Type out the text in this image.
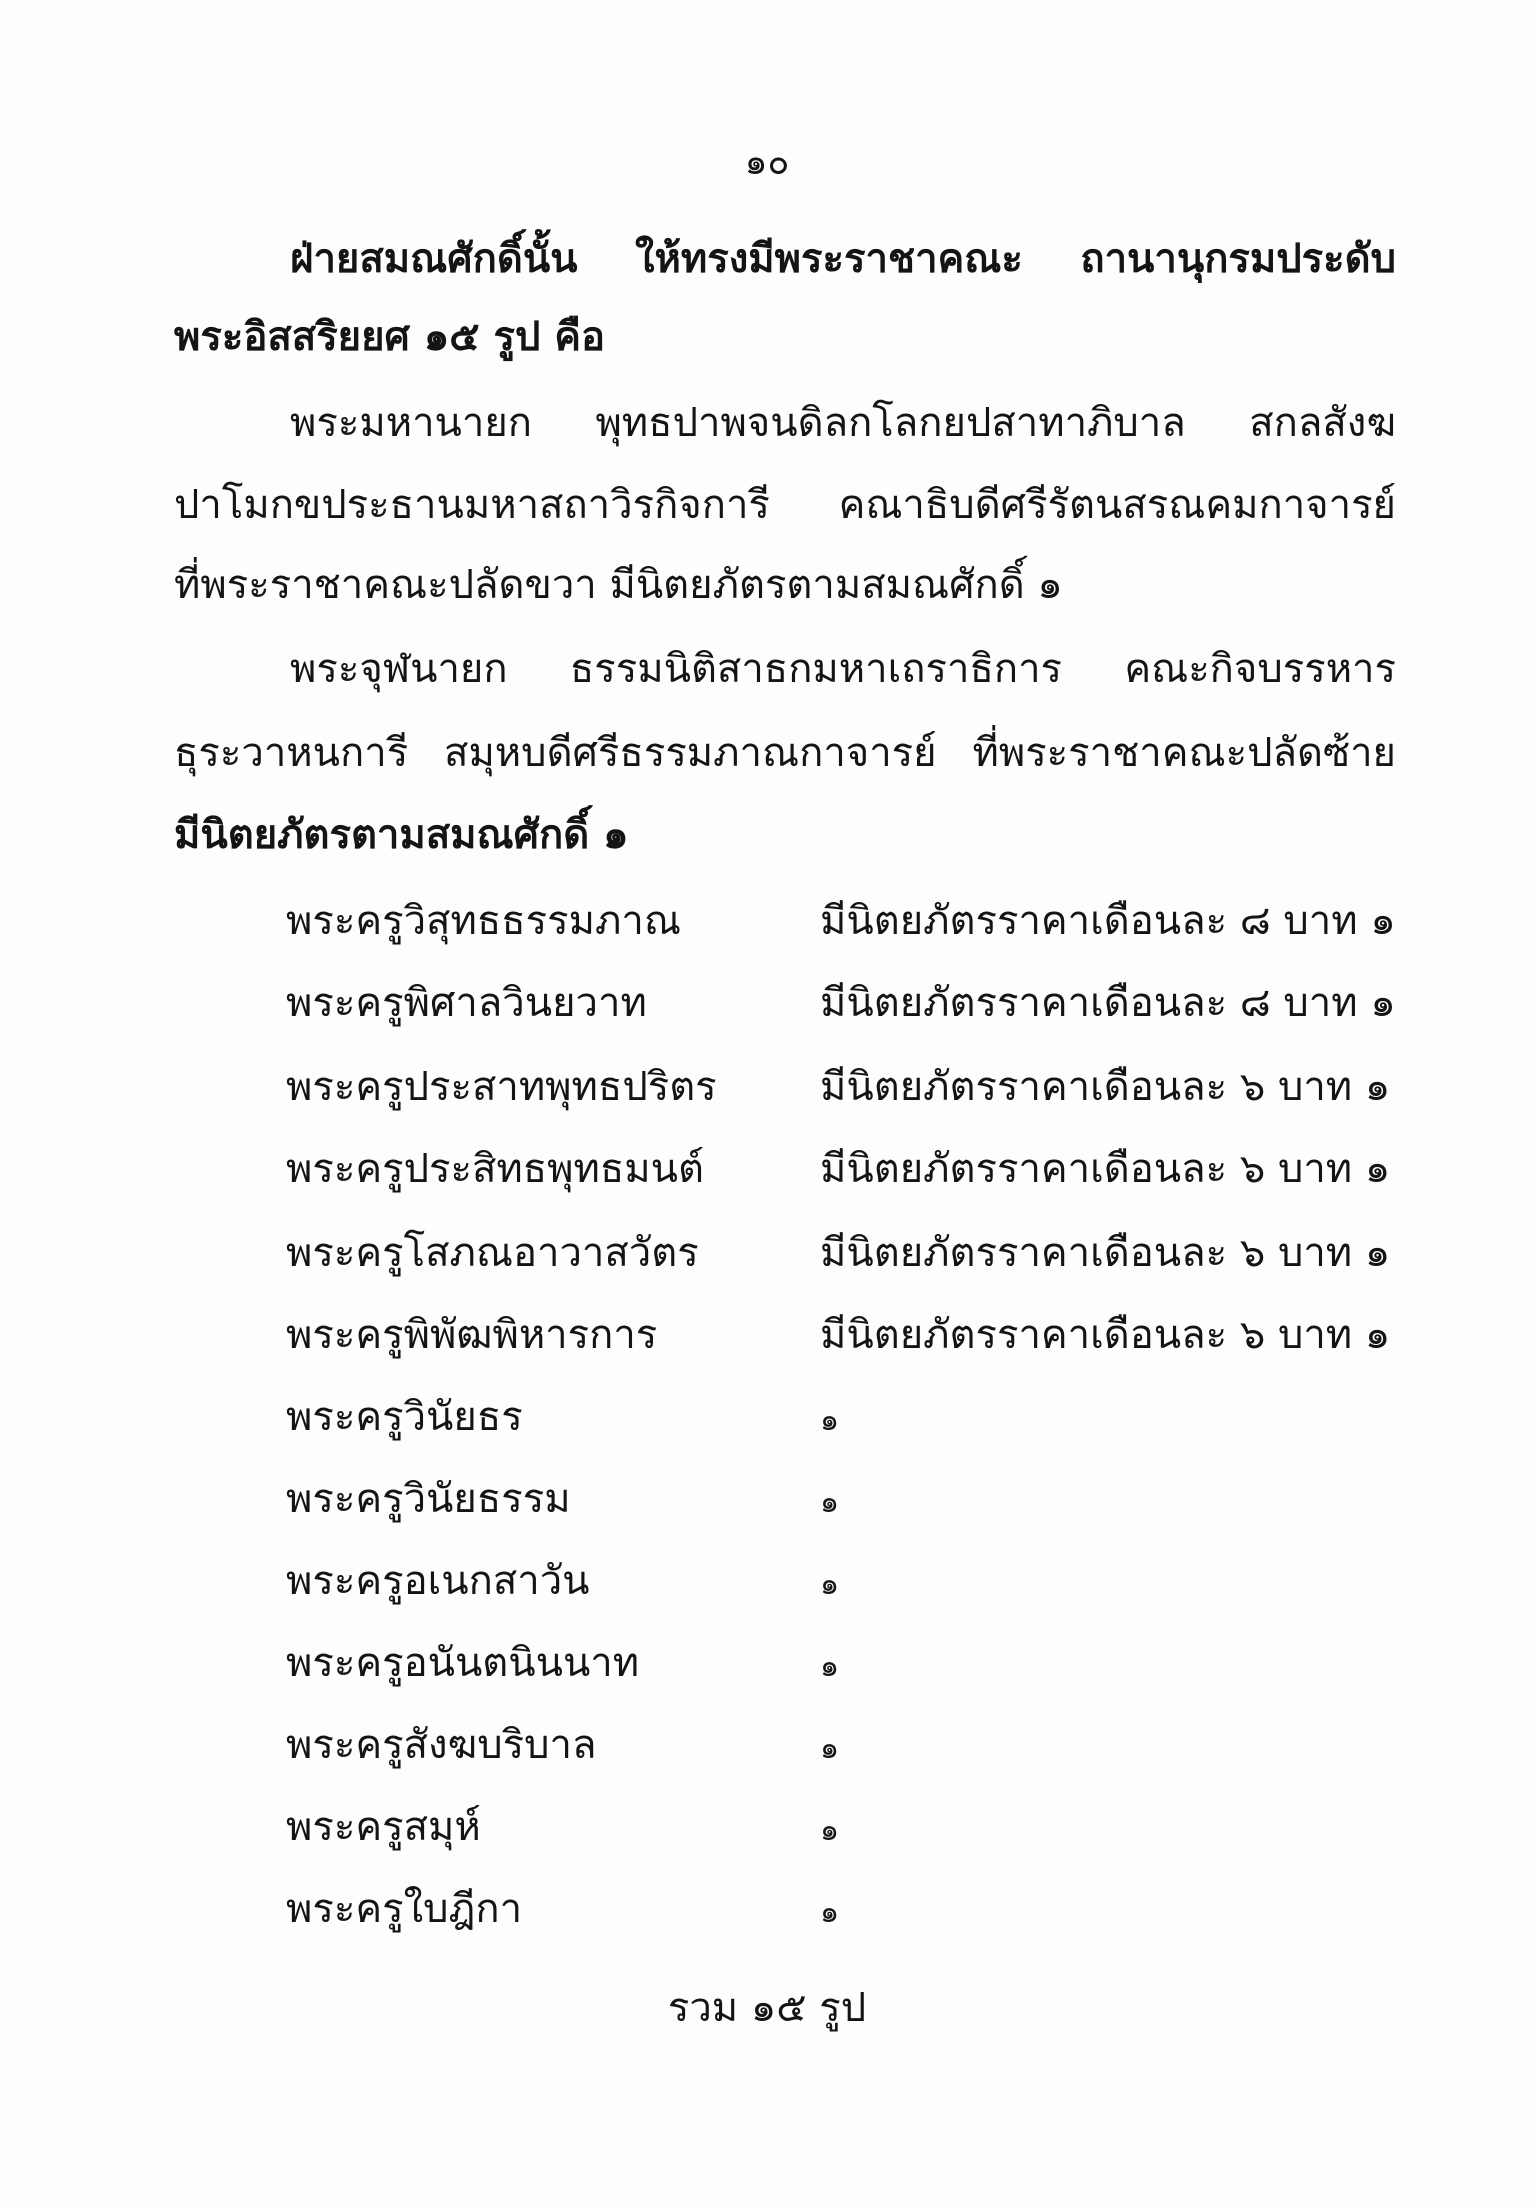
๑๐
ฝ่ายสมณศักดิ์นั้น ให้ทรงมีพระราชาคณะ ถานานุกรมประดับ
พระอิสสริยยศ ๑๕ รูป คือ
พระมหานายก พุทธปาพจนดิลกโลกยปสาทาภิบาล สกลสังฆ
ปาโมกขประธานมหาสถาวิรกิจการี คณาธิบดีศรีรัตนสรณคมกาจารย์
ที่พระราชาคณะปลัดขวา มีนิตยภัตรตามสมณศักดิ์ ๑
พระจุฬนายก ธรรมนิติสาธกมหาเถราธิการ คณะกิจบรรหาร
ธุระวาหนการี สมุหบดีศรีธรรมภาณกาจารย์ ที่พระราชาคณะปลัดซ้าย
มีนิตยภัตรตามสมณศักดิ์ ๑
พระครูวิสุทธธรรมภาณ	มีนิตยภัตรราคาเดือนละ ๘ บาท ๑
พระครูพิศาลวินยวาท	มีนิตยภัตรราคาเดือนละ ๘ บาท ๑
พระครูประสาทพุทธปริตร	มีนิตยภัตรราคาเดือนละ ๖ บาท ๑
พระครูประสิทธพุทธมนต์	มีนิตยภัตรราคาเดือนละ ๖ บาท ๑
พระครูโสภณอาวาสวัตร	มีนิตยภัตรราคาเดือนละ ๖ บาท ๑
พระครูพิพัฒพิหารการ	มีนิตยภัตรราคาเดือนละ ๖ บาท ๑
พระครูวินัยธร	๑
พระครูวินัยธรรม	๑
พระครูอเนกสาวัน	๑
พระครูอนันตนินนาท	๑
พระครูสังฆบริบาล	๑
พระครูสมุห์	๑
พระครูใบฎีกา	๑
รวม ๑๕ รูป
